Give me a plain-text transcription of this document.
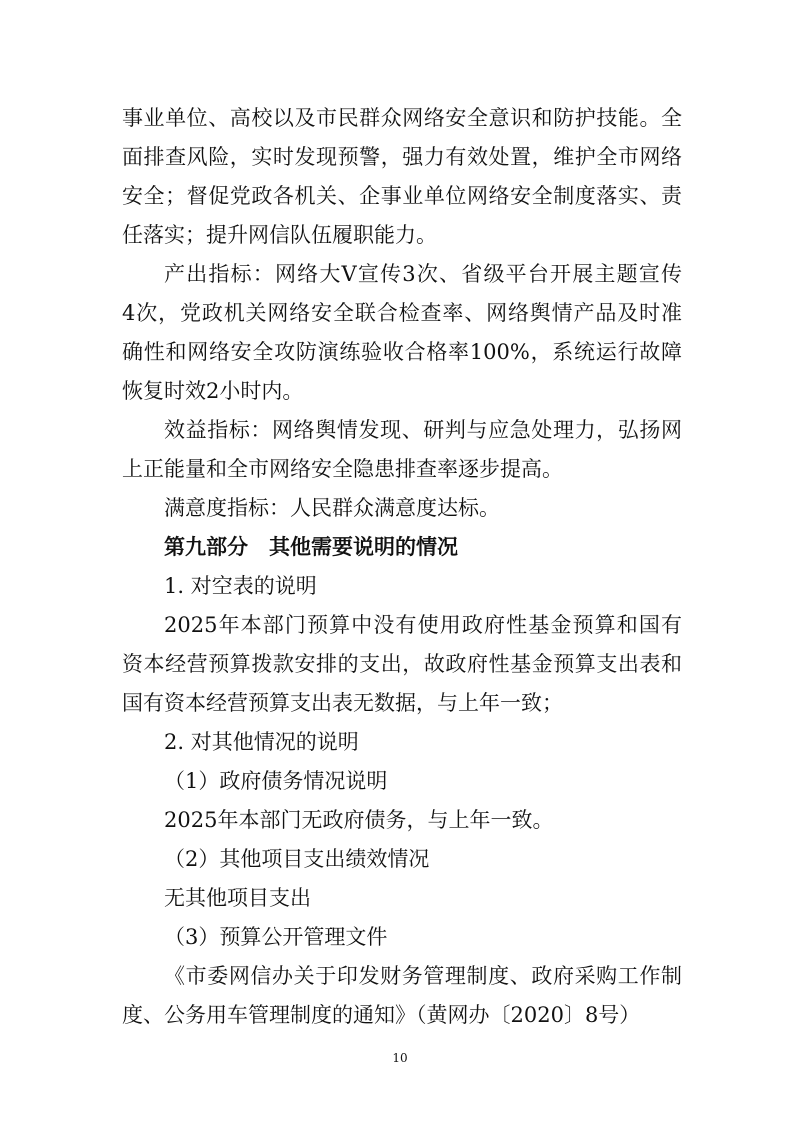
事业单位、高校以及市民群众网络安全意识和防护技能。全
面排查风险，实时发现预警，强力有效处置，维护全市网络
安全；督促党政各机关、企事业单位网络安全制度落实、责
任落实；提升网信队伍履职能力。
产出指标：网络大V宣传3次、省级平台开展主题宣传
4次，党政机关网络安全联合检查率、网络舆情产品及时准
确性和网络安全攻防演练验收合格率100%，系统运行故障
恢复时效2小时内。
效益指标：网络舆情发现、研判与应急处理力，弘扬网
上正能量和全市网络安全隐患排查率逐步提高。
满意度指标：人民群众满意度达标。
第九部分　其他需要说明的情况
1. 对空表的说明
2025年本部门预算中没有使用政府性基金预算和国有
资本经营预算拨款安排的支出，故政府性基金预算支出表和
国有资本经营预算支出表无数据，与上年一致；
2. 对其他情况的说明
（1）政府债务情况说明
2025年本部门无政府债务，与上年一致。
（2）其他项目支出绩效情况
无其他项目支出
（3）预算公开管理文件
《市委网信办关于印发财务管理制度、政府采购工作制
度、公务用车管理制度的通知》（黄网办〔2020〕8号）
10
